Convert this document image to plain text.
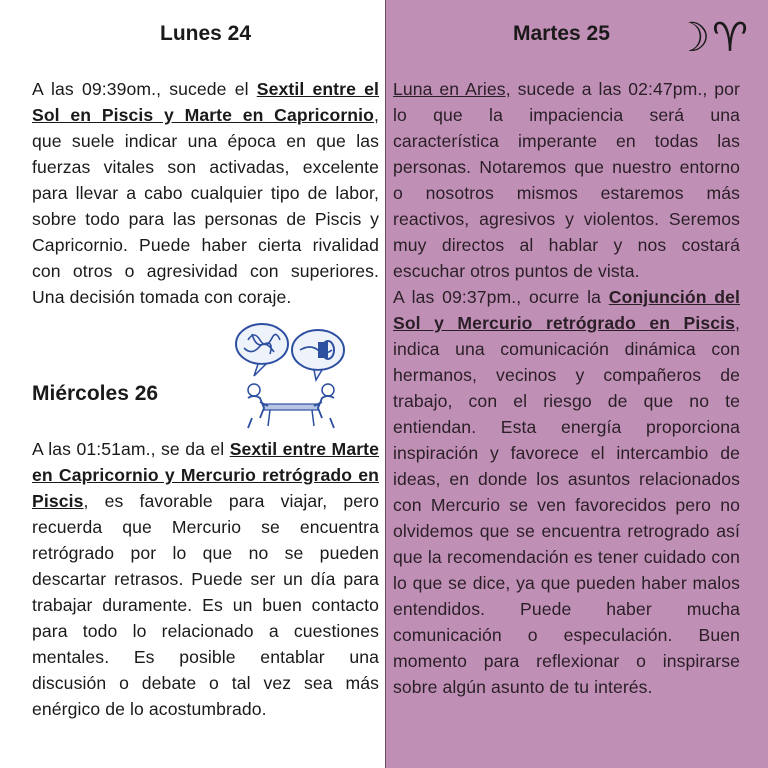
Lunes 24

A las 09:39om., sucede el Sextil entre el Sol en Piscis y Marte en Capricornio, que suele indicar una época en que las fuerzas vitales son activadas, excelente para llevar a cabo cualquier tipo de labor, sobre todo para las personas de Piscis y Capricornio. Puede haber cierta rivalidad con otros o agresividad con superiores. Una decisión tomada con coraje.

Miércoles 26

A las 01:51am., se da el Sextil entre Marte en Capricornio y Mercurio retrógrado en Piscis, es favorable para viajar, pero recuerda que Mercurio se encuentra retrógrado por lo que no se pueden descartar retrasos. Puede ser un día para trabajar duramente. Es un buen contacto para todo lo relacionado a cuestiones mentales. Es posible entablar una discusión o debate o tal vez sea más enérgico de lo acostumbrado.

Martes 25 ☽♈

Luna en Aries, sucede a las 02:47pm., por lo que la impaciencia será una característica imperante en todas las personas. Notaremos que nuestro entorno o nosotros mismos estaremos más reactivos, agresivos y violentos. Seremos muy directos al hablar y nos costará escuchar otros puntos de vista.

A las 09:37pm., ocurre la Conjunción del Sol y Mercurio retrógrado en Piscis, indica una comunicación dinámica con hermanos, vecinos y compañeros de trabajo, con el riesgo de que no te entiendan. Esta energía proporciona inspiración y favorece el intercambio de ideas, en donde los asuntos relacionados con Mercurio se ven favorecidos pero no olvidemos que se encuentra retrogrado así que la recomendación es tener cuidado con lo que se dice, ya que pueden haber malos entendidos. Puede haber mucha comunicación o especulación. Buen momento para reflexionar o inspirarse sobre algún asunto de tu interés.
